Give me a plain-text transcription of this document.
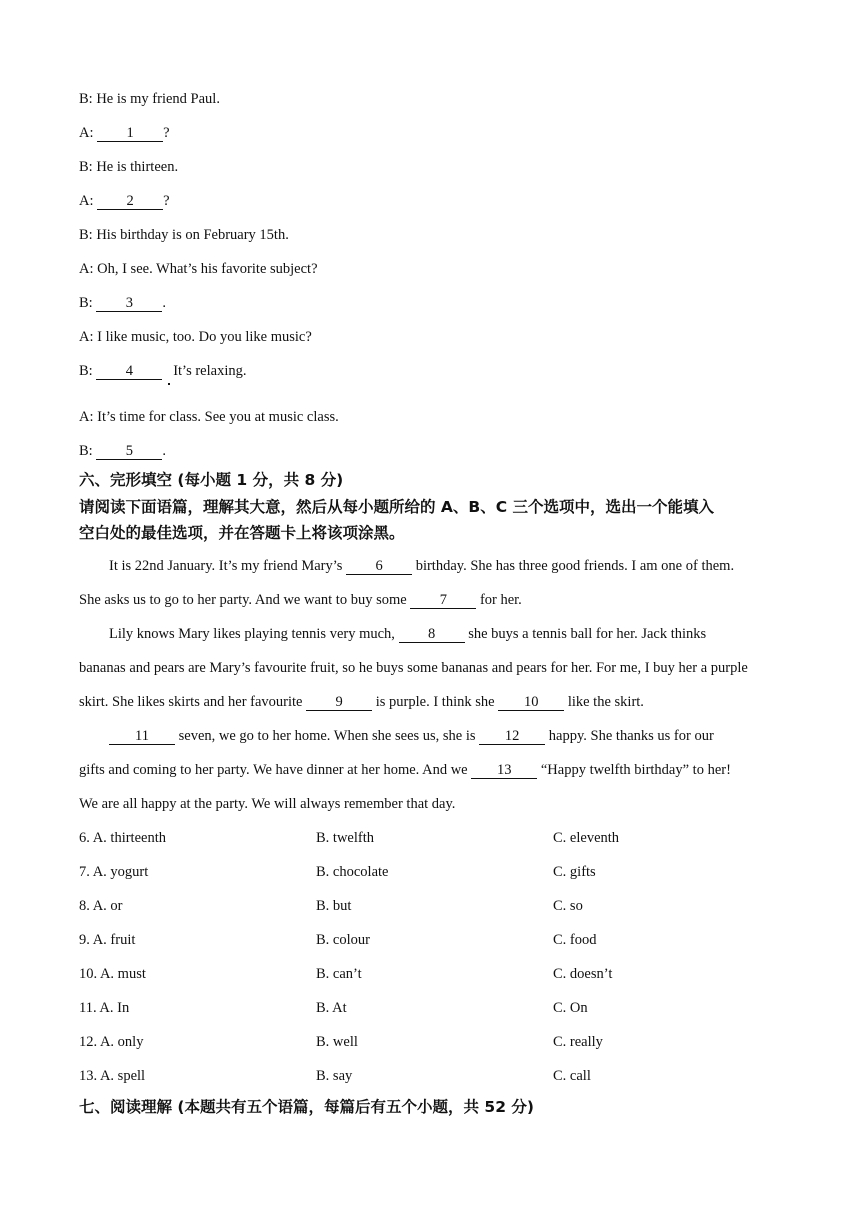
B: He is my friend Paul.
A: 1 ?
B: He is thirteen.
A: 2 ?
B: His birthday is on February 15th.
A: Oh, I see. What’s his favorite subject?
B: 3 .
A: I like music, too. Do you like music?
B: 4	It’s relaxing.
A: It’s time for class. See you at music class.
B: 5 .
六、完形填空 (每小题 1 分，共 8 分)
请阅读下面语篇，理解其大意，然后从每小题所给的 A、B、C 三个选项中，选出一个能填入
空白处的最佳选项，并在答题卡上将该项涂黑。
It is 22nd January. It’s my friend Mary’s 6 birthday. She has three good friends. I am one of them.
She asks us to go to her party. And we want to buy some 7 for her.
Lily knows Mary likes playing tennis very much, 8 she buys a tennis ball for her. Jack thinks
bananas and pears are Mary’s favourite fruit, so he buys some bananas and pears for her. For me, I buy her a purple
skirt. She likes skirts and her favourite 9 is purple. I think she 10 like the skirt.
11 seven, we go to her home. When she sees us, she is 12 happy. She thanks us for our
gifts and coming to her party. We have dinner at her home. And we 13 “Happy twelfth birthday” to her!
We are all happy at the party. We will always remember that day.
6. A. thirteenth	B. twelfth	C. eleventh
7. A. yogurt	B. chocolate	C. gifts
8. A. or	B. but	C. so
9. A. fruit	B. colour	C. food
10. A. must	B. can’t	C. doesn’t
11. A. In	B. At	C. On
12. A. only	B. well	C. really
13. A. spell	B. say	C. call
七、阅读理解 (本题共有五个语篇，每篇后有五个小题，共 52 分)
